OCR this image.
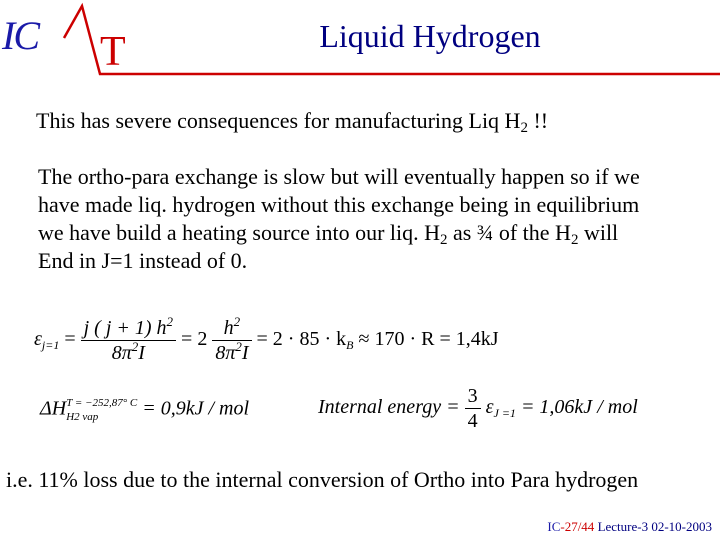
IC T	Liquid Hydrogen
This has severe consequences for manufacturing Liq $H_2$ !!
The ortho-para exchange is slow but will eventually happen so if we
have made liq. hydrogen without this exchange being in equilibrium
we have build a heating source into our liq. $H_2$ as ¾ of the $H_2$ will
End in J=1 instead of 0.
$\varepsilon_{j=1} = \frac{j ( j + 1) h^2}{8\pi^2I} = 2 \frac{h^2}{8\pi^2I} = 2 \cdot 85 \cdot k_B \approx 170 \cdot R = 1,4kJ$
ΔH T = −252,87° C
H2 vap	= 0,9kJ / mol	Internal energy = $\frac{3}{4} \varepsilon_{J =1} = 1,06kJ$ / mol
i.e. 11% loss due to the internal conversion of Ortho into Para hydrogen
IC-27/44 Lecture-3 02-10-2003
